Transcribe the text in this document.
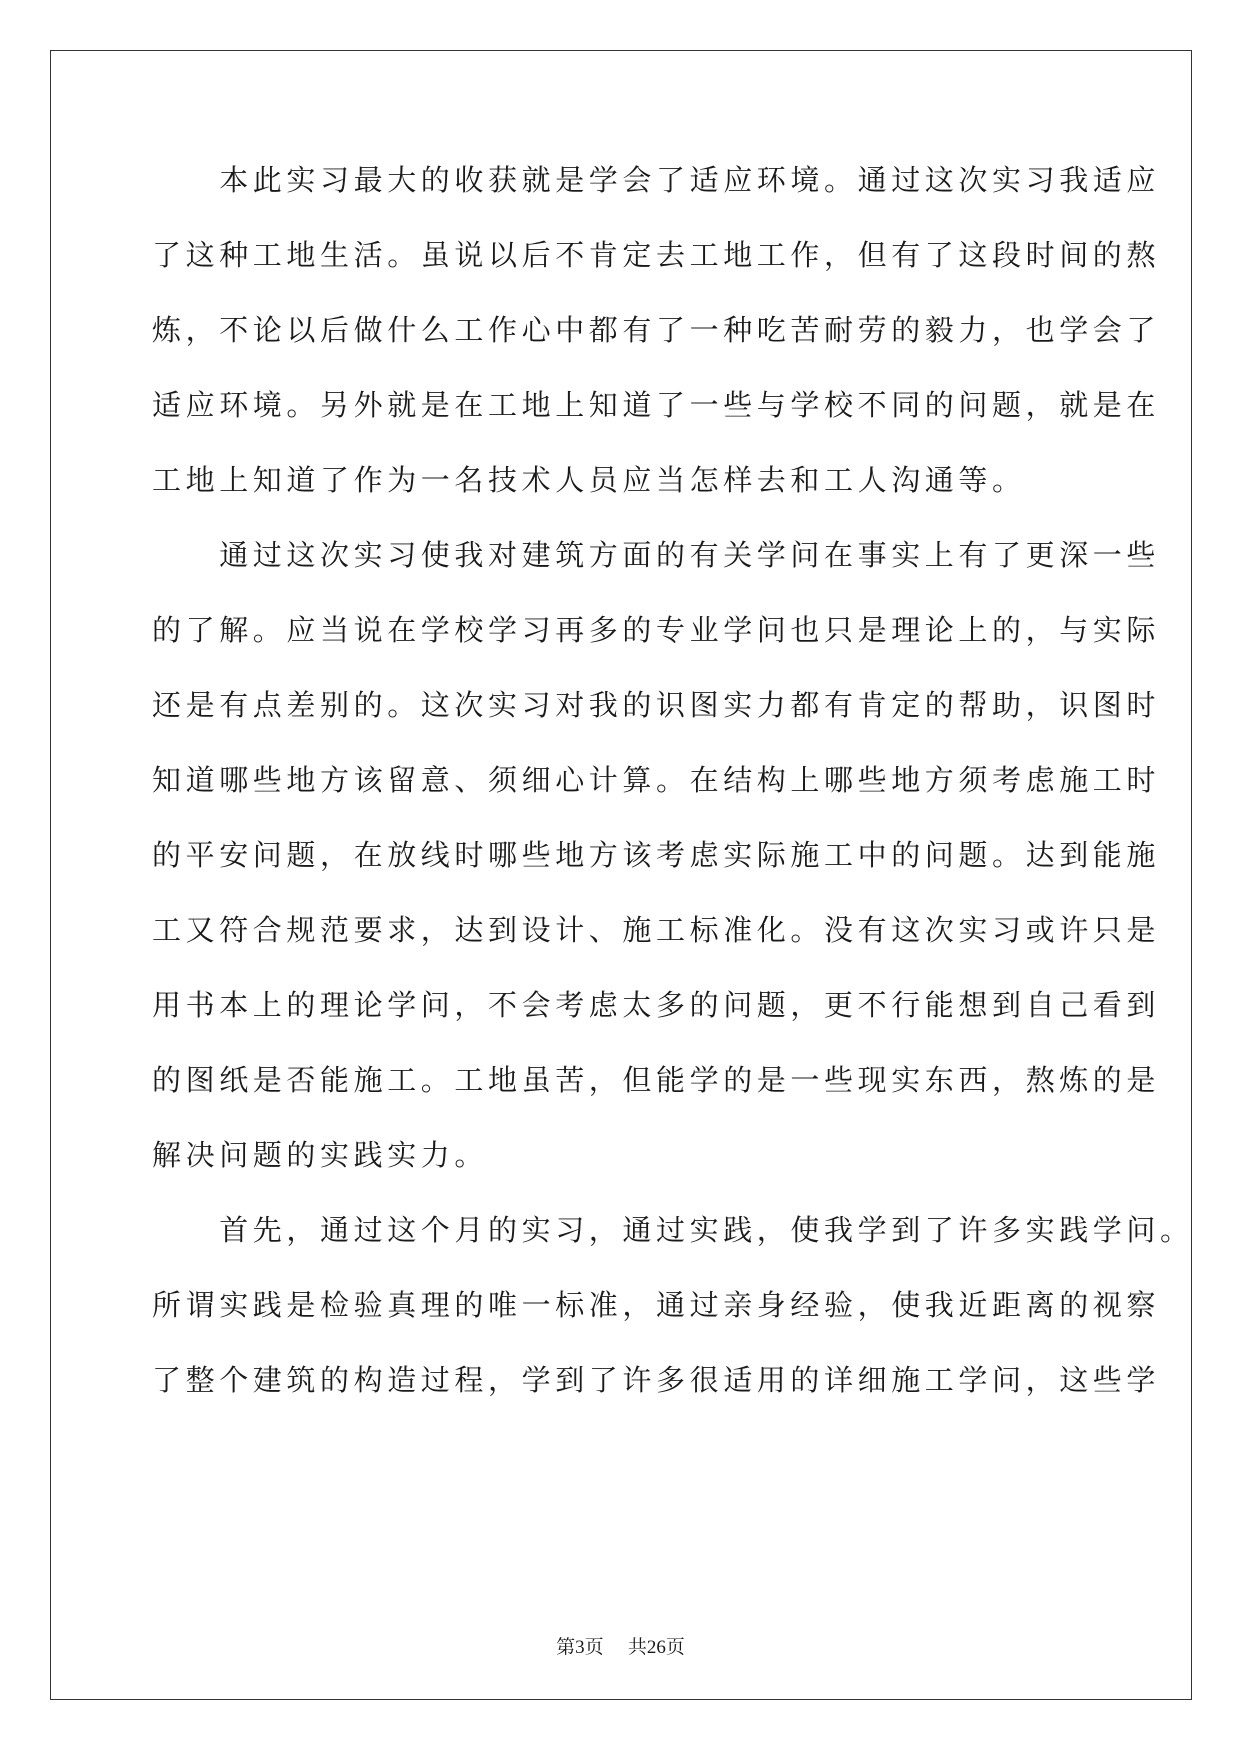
　　本此实习最大的收获就是学会了适应环境。通过这次实习我适应
了这种工地生活。虽说以后不肯定去工地工作，但有了这段时间的熬
炼，不论以后做什么工作心中都有了一种吃苦耐劳的毅力，也学会了
适应环境。另外就是在工地上知道了一些与学校不同的问题，就是在
工地上知道了作为一名技术人员应当怎样去和工人沟通等。
　　通过这次实习使我对建筑方面的有关学问在事实上有了更深一些
的了解。应当说在学校学习再多的专业学问也只是理论上的，与实际
还是有点差别的。这次实习对我的识图实力都有肯定的帮助，识图时
知道哪些地方该留意、须细心计算。在结构上哪些地方须考虑施工时
的平安问题，在放线时哪些地方该考虑实际施工中的问题。达到能施
工又符合规范要求，达到设计、施工标准化。没有这次实习或许只是
用书本上的理论学问，不会考虑太多的问题，更不行能想到自己看到
的图纸是否能施工。工地虽苦，但能学的是一些现实东西，熬炼的是
解决问题的实践实力。
　　首先，通过这个月的实习，通过实践，使我学到了许多实践学问。
所谓实践是检验真理的唯一标准，通过亲身经验，使我近距离的视察
了整个建筑的构造过程，学到了许多很适用的详细施工学问，这些学
第3页 共26页
